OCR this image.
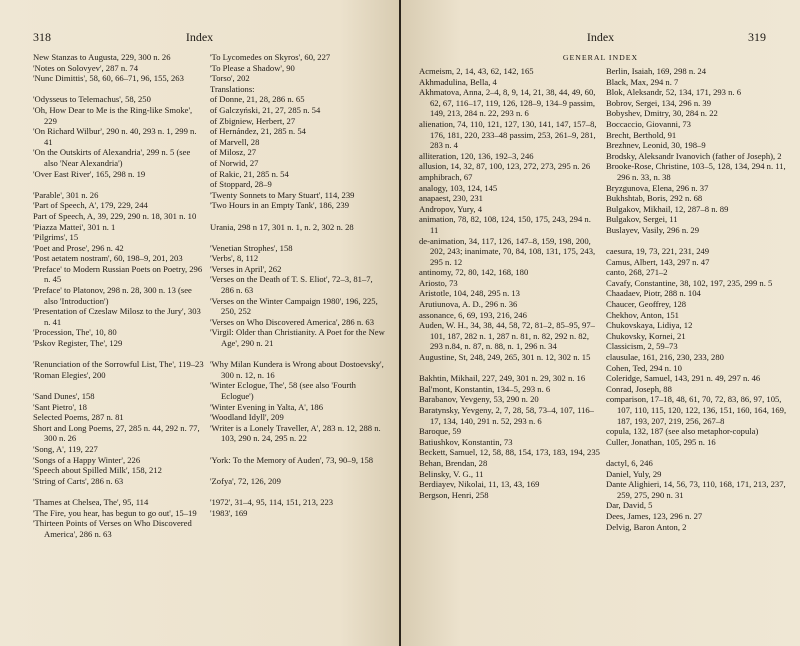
318	Index
New Stanzas to Augusta, 229, 300 n. 26
'Notes on Solovyev', 287 n. 74
'Nunc Dimittis', 58, 60, 66–71, 96, 155, 263
'Odysseus to Telemachus', 58, 250
'Oh, How Dear to Me is the Ring-like Smoke', 229
'On Richard Wilbur', 290 n. 40, 293 n. 1, 299 n. 41
'On the Outskirts of Alexandria', 299 n. 5 (see also 'Near Alexandria')
'Over East River', 165, 298 n. 19
'Parable', 301 n. 26
'Part of Speech, A', 179, 229, 244
Part of Speech, A, 39, 229, 290 n. 18, 301 n. 10
'Piazza Mattei', 301 n. 1
'Pilgrims', 15
'Poet and Prose', 296 n. 42
'Post aetatem nostram', 60, 198–9, 201, 203
'Preface' to Modern Russian Poets on Poetry, 296 n. 45
'Preface' to Platonov, 298 n. 28, 300 n. 13 (see also 'Introduction')
'Presentation of Czeslaw Milosz to the Jury', 303 n. 41
'Procession, The', 10, 80
'Pskov Register, The', 129
'Renunciation of the Sorrowful List, The', 119–23
'Roman Elegies', 200
'Sand Dunes', 158
'Sant Pietro', 18
Selected Poems, 287 n. 81
Short and Long Poems, 27, 285 n. 44, 292 n. 77, 300 n. 26
'Song, A', 119, 227
'Songs of a Happy Winter', 226
'Speech about Spilled Milk', 158, 212
'String of Carts', 286 n. 63
'Thames at Chelsea, The', 95, 114
'The Fire, you hear, has begun to go out', 15–19
'Thirteen Points of Verses on Who Discovered America', 286 n. 63
'To Lycomedes on Skyros', 60, 227
'To Please a Shadow', 90
'Torso', 202
Translations:
of Donne, 21, 28, 286 n. 65
of Galczyński, 21, 27, 285 n. 54
of Zbigniew, Herbert, 27
of Hernández, 21, 285 n. 54
of Marvell, 28
of Milosz, 27
of Norwid, 27
of Rakic, 21, 285 n. 54
of Stoppard, 28–9
'Twenty Sonnets to Mary Stuart', 114, 239
'Two Hours in an Empty Tank', 186, 239
Urania, 298 n 17, 301 n. 1, n. 2, 302 n. 28
'Venetian Strophes', 158
'Verbs', 8, 112
'Verses in April', 262
'Verses on the Death of T. S. Eliot', 72–3, 81–7, 286 n. 63
'Verses on the Winter Campaign 1980', 196, 225, 250, 252
'Verses on Who Discovered America', 286 n. 63
'Virgil: Older than Christianity. A Poet for the New Age', 290 n. 21
'Why Milan Kundera is Wrong about Dostoevsky', 300 n. 12, n. 16
'Winter Eclogue, The', 58 (see also 'Fourth Eclogue')
'Winter Evening in Yalta, A', 186
'Woodland Idyll', 209
'Writer is a Lonely Traveller, A', 283 n. 12, 288 n. 103, 290 n. 24, 295 n. 22
'York: To the Memory of Auden', 73, 90–9, 158
'Zofya', 72, 126, 209
'1972', 31–4, 95, 114, 151, 213, 223
'1983', 169
Index	319
GENERAL INDEX
Acmeism, 2, 14, 43, 62, 142, 165
Akhmadulina, Bella, 4
Akhmatova, Anna, 2–4, 8, 9, 14, 21, 38, 44, 49, 60, 62, 67, 116–17, 119, 126, 128–9, 134–9 passim, 149, 213, 284 n. 22, 293 n. 6
alienation, 74, 110, 121, 127, 130, 141, 147, 157–8, 176, 181, 220, 233–48 passim, 253, 261–9, 281, 283 n. 4
alliteration, 120, 136, 192–3, 246
allusion, 14, 32, 87, 100, 123, 272, 273, 295 n. 26
amphibrach, 67
analogy, 103, 124, 145
anapaest, 230, 231
Andropov, Yury, 4
animation, 78, 82, 108, 124, 150, 175, 243, 294 n. 11
de-animation, 34, 117, 126, 147–8, 159, 198, 200, 202, 243; inanimate, 70, 84, 108, 131, 175, 243, 295 n. 12
antinomy, 72, 80, 142, 168, 180
Ariosto, 73
Aristotle, 104, 248, 295 n. 13
Arutiunova, A. D., 296 n. 36
assonance, 6, 69, 193, 216, 246
Auden, W. H., 34, 38, 44, 58, 72, 81–2, 85–95, 97–101, 187, 282 n. 1, 287 n. 81, n. 82, 292 n. 82, 293 n.84, n. 87, n. 88, n. 1, 296 n. 34
Augustine, St, 248, 249, 265, 301 n. 12, 302 n. 15
Bakhtin, Mikhail, 227, 249, 301 n. 29, 302 n. 16
Bal'mont, Konstantin, 134–5, 293 n. 6
Barabanov, Yevgeny, 53, 290 n. 20
Baratynsky, Yevgeny, 2, 7, 28, 58, 73–4, 107, 116–17, 134, 140, 291 n. 52, 293 n. 6
Baroque, 59
Batiushkov, Konstantin, 73
Beckett, Samuel, 12, 58, 88, 154, 173, 183, 194, 235
Behan, Brendan, 28
Belinsky, V. G., 11
Berdiayev, Nikolai, 11, 13, 43, 169
Bergson, Henri, 258
Berlin, Isaiah, 169, 298 n. 24
Black, Max, 294 n. 7
Blok, Aleksandr, 52, 134, 171, 293 n. 6
Bobrov, Sergei, 134, 296 n. 39
Bobyshev, Dmitry, 30, 284 n. 22
Boccaccio, Giovanni, 73
Brecht, Berthold, 91
Brezhnev, Leonid, 30, 198–9
Brodsky, Aleksandr Ivanovich (father of Joseph), 2
Brooke-Rose, Christine, 103–5, 128, 134, 294 n. 11, 296 n. 33, n. 38
Bryzgunova, Elena, 296 n. 37
Bukhshtab, Boris, 292 n. 68
Bulgakov, Mikhail, 12, 287–8 n. 89
Bulgakov, Sergei, 11
Buslayev, Vasily, 296 n. 29
caesura, 19, 73, 221, 231, 249
Camus, Albert, 143, 297 n. 47
canto, 268, 271–2
Cavafy, Constantine, 38, 102, 197, 235, 299 n. 5
Chaadaev, Piotr, 288 n. 104
Chaucer, Geoffrey, 128
Chekhov, Anton, 151
Chukovskaya, Lidiya, 12
Chukovsky, Kornei, 21
Classicism, 2, 59–73
clausulae, 161, 216, 230, 233, 280
Cohen, Ted, 294 n. 10
Coleridge, Samuel, 143, 291 n. 49, 297 n. 46
Conrad, Joseph, 88
comparison, 17–18, 48, 61, 70, 72, 83, 86, 97, 105, 107, 110, 115, 120, 122, 136, 151, 160, 164, 169, 187, 193, 207, 219, 256, 267–8
copula, 132, 187 (see also metaphor-copula)
Culler, Jonathan, 105, 295 n. 16
dactyl, 6, 246
Daniel, Yuly, 29
Dante Alighieri, 14, 56, 73, 110, 168, 171, 213, 237, 259, 275, 290 n. 31
Dar, David, 5
Dees, James, 123, 296 n. 27
Delvig, Baron Anton, 2
